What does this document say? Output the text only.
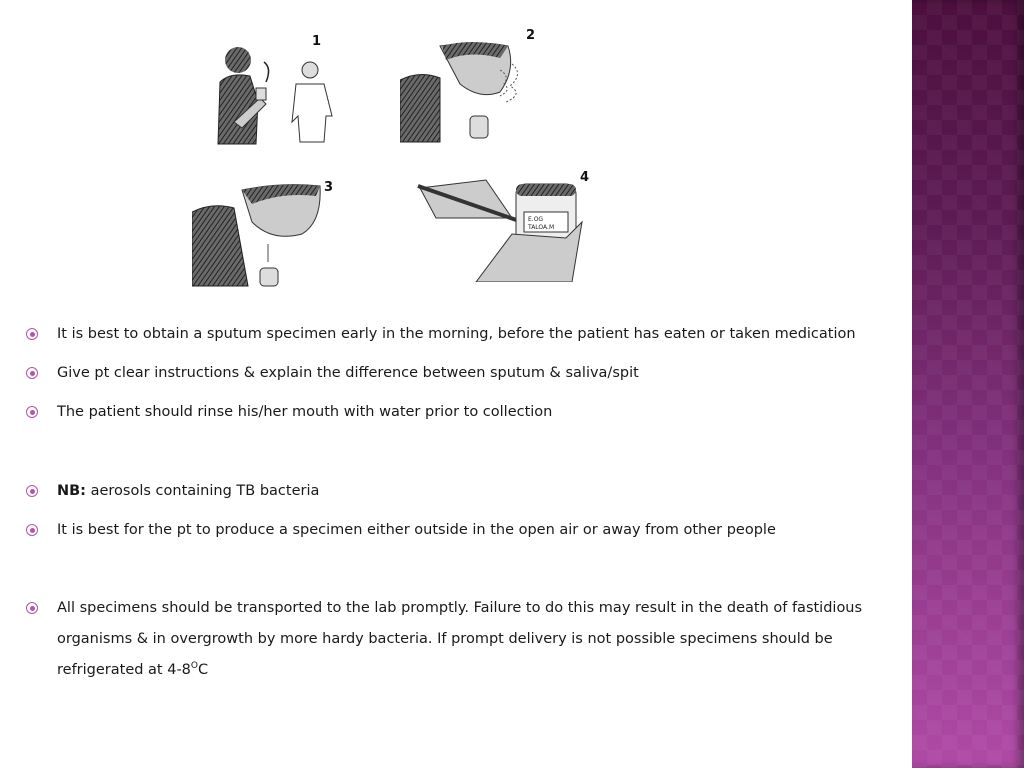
1	2
3
E.OG
TALOA.M
4
It is best to obtain a sputum specimen early in the morning, before the patient has eaten or taken medication
Give pt clear instructions & explain the difference between sputum & saliva/spit
The patient should rinse his/her mouth with water prior to collection
NB: aerosols containing TB bacteria
It is best for the pt to produce a specimen either outside in the open air or away from other people
All specimens should be transported to the lab promptly. Failure to do this may result in the death of fastidious organisms & in overgrowth by more hardy bacteria. If prompt delivery is not possible specimens should be refrigerated at $4-8^OC$
